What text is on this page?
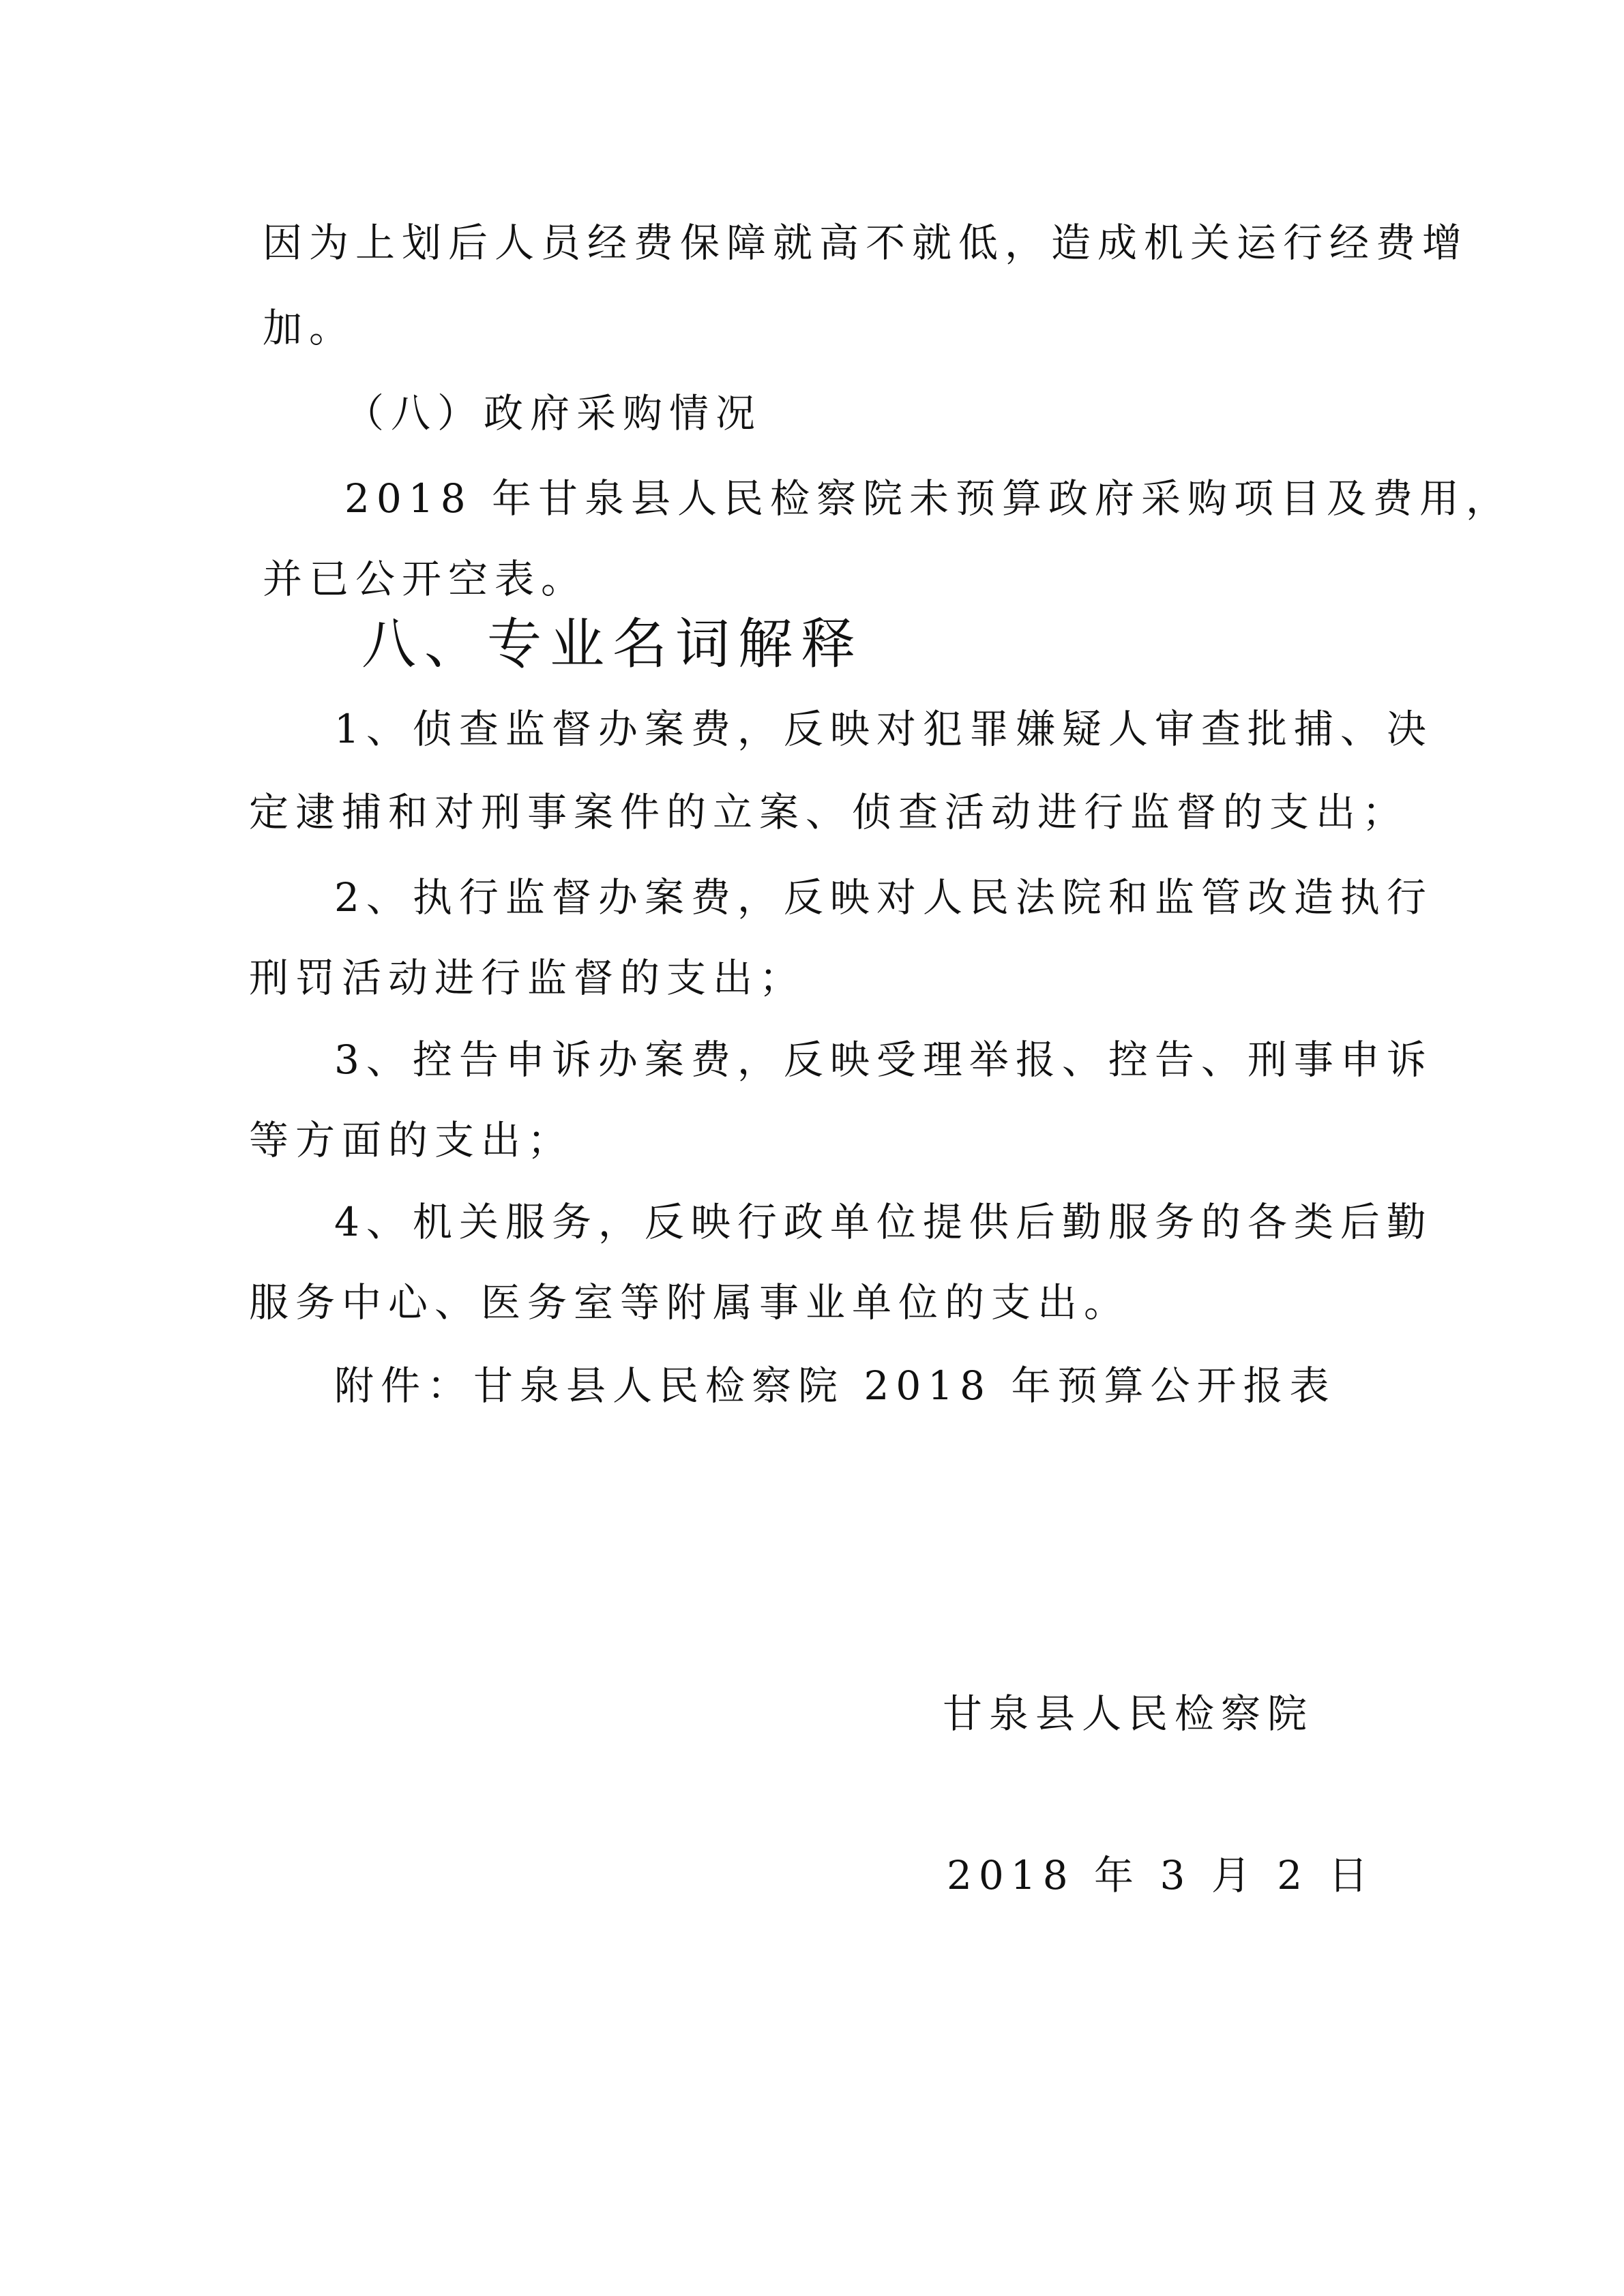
因为上划后人员经费保障就高不就低，造成机关运行经费增
加。
（八）政府采购情况
2018 年甘泉县人民检察院未预算政府采购项目及费用，
并已公开空表。
八、专业名词解释
1、侦查监督办案费，反映对犯罪嫌疑人审查批捕、决
定逮捕和对刑事案件的立案、侦查活动进行监督的支出；
2、执行监督办案费，反映对人民法院和监管改造执行
刑罚活动进行监督的支出；
3、控告申诉办案费，反映受理举报、控告、刑事申诉
等方面的支出；
4、机关服务，反映行政单位提供后勤服务的各类后勤
服务中心、医务室等附属事业单位的支出。
附件：甘泉县人民检察院 2018 年预算公开报表
甘泉县人民检察院
2018 年 3 月 2 日
